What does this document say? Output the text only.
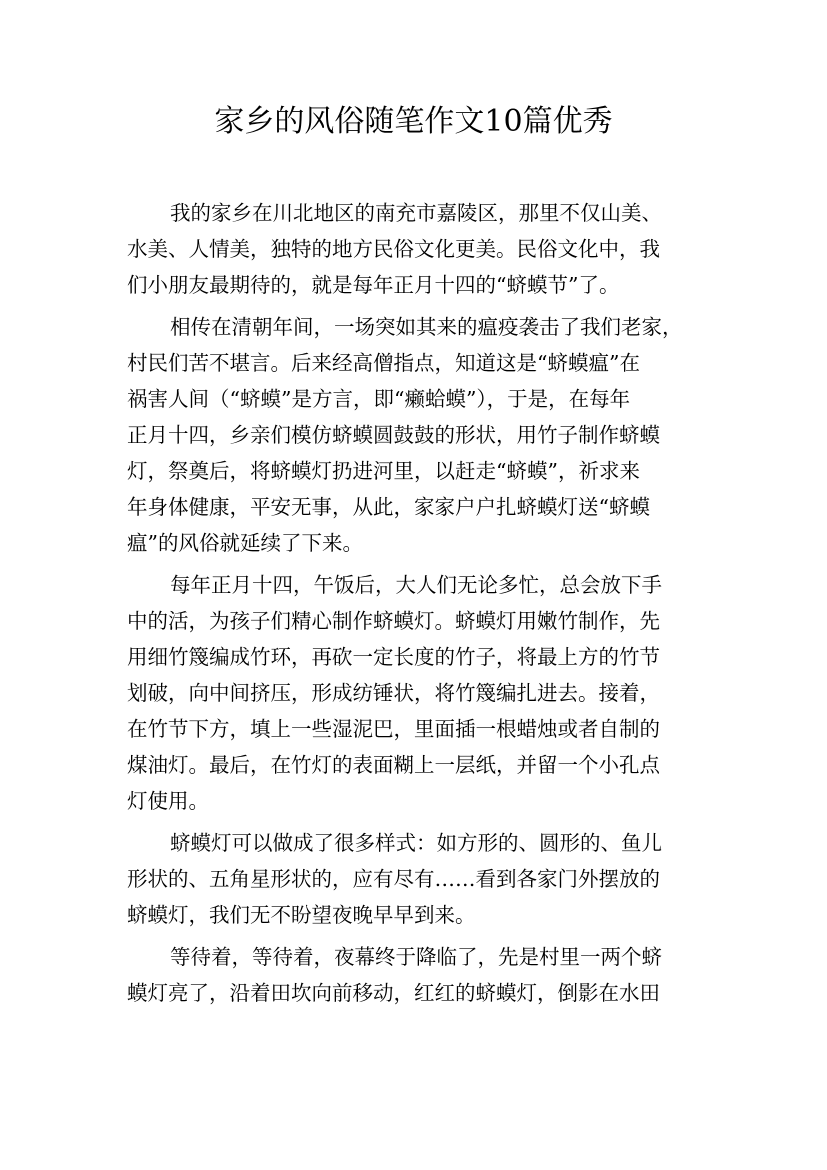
家乡的风俗随笔作文10篇优秀
我的家乡在川北地区的南充市嘉陵区，那里不仅山美、
水美、人情美，独特的地方民俗文化更美。民俗文化中，我
们小朋友最期待的，就是每年正月十四的“蛴蟆节”了。
相传在清朝年间，一场突如其来的瘟疫袭击了我们老家，
村民们苦不堪言。后来经高僧指点，知道这是“蛴蟆瘟”在
祸害人间（“蛴蟆”是方言，即“癞蛤蟆”），于是，在每年
正月十四，乡亲们模仿蛴蟆圆鼓鼓的形状，用竹子制作蛴蟆
灯，祭奠后，将蛴蟆灯扔进河里，以赶走“蛴蟆”，祈求来
年身体健康，平安无事，从此，家家户户扎蛴蟆灯送“蛴蟆
瘟”的风俗就延续了下来。
每年正月十四，午饭后，大人们无论多忙，总会放下手
中的活，为孩子们精心制作蛴蟆灯。蛴蟆灯用嫩竹制作，先
用细竹篾编成竹环，再砍一定长度的竹子，将最上方的竹节
划破，向中间挤压，形成纺锤状，将竹篾编扎进去。接着，
在竹节下方，填上一些湿泥巴，里面插一根蜡烛或者自制的
煤油灯。最后，在竹灯的表面糊上一层纸，并留一个小孔点
灯使用。
蛴蟆灯可以做成了很多样式：如方形的、圆形的、鱼儿
形状的、五角星形状的，应有尽有……看到各家门外摆放的
蛴蟆灯，我们无不盼望夜晚早早到来。
等待着，等待着，夜幕终于降临了，先是村里一两个蛴
蟆灯亮了，沿着田坎向前移动，红红的蛴蟆灯，倒影在水田
